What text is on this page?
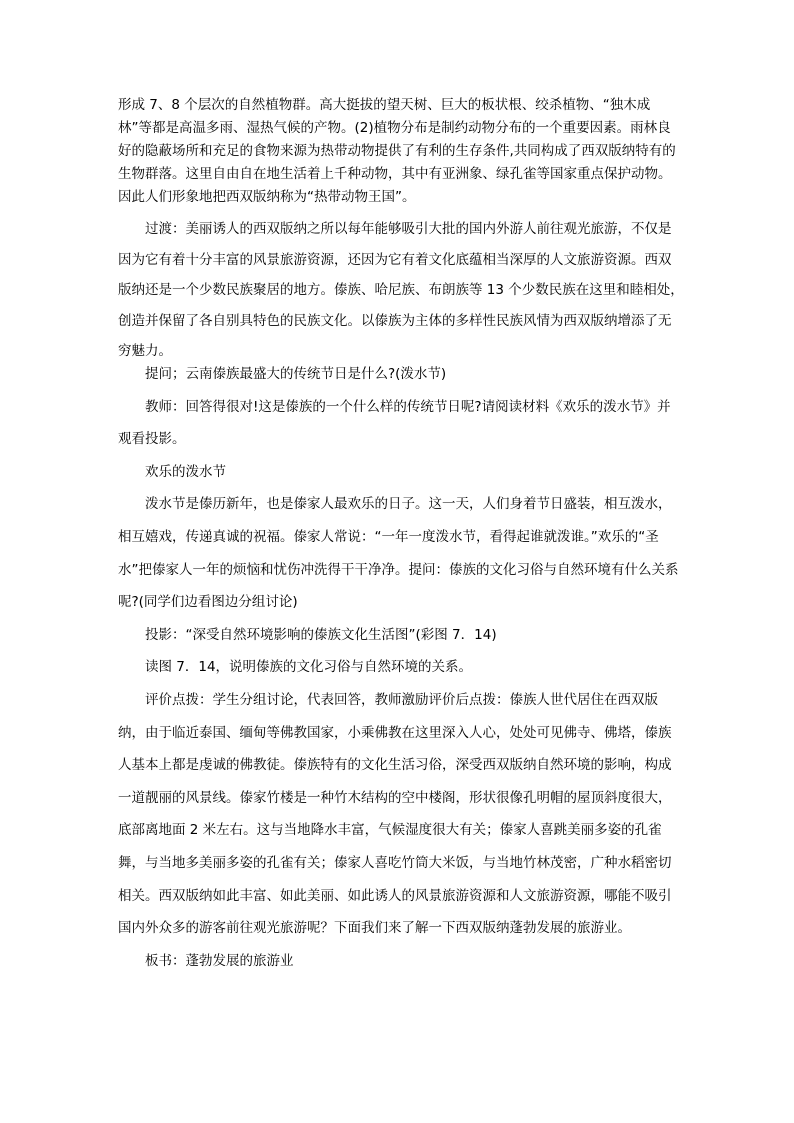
形成 7、8 个层次的自然植物群。高大挺拔的望天树、巨大的板状根、绞杀植物、“独木成林”等都是高温多雨、湿热气候的产物。(2)植物分布是制约动物分布的一个重要因素。雨林良好的隐蔽场所和充足的食物来源为热带动物提供了有利的生存条件,共同构成了西双版纳特有的生物群落。这里自由自在地生活着上千种动物，其中有亚洲象、绿孔雀等国家重点保护动物。因此人们形象地把西双版纳称为“热带动物王国”。

过渡：美丽诱人的西双版纳之所以每年能够吸引大批的国内外游人前往观光旅游，不仅是因为它有着十分丰富的风景旅游资源，还因为它有着文化底蕴相当深厚的人文旅游资源。西双版纳还是一个少数民族聚居的地方。傣族、哈尼族、布朗族等 13 个少数民族在这里和睦相处，创造并保留了各自别具特色的民族文化。以傣族为主体的多样性民族风情为西双版纳增添了无穷魅力。

提问；云南傣族最盛大的传统节日是什么?(泼水节)

教师：回答得很对!这是傣族的一个什么样的传统节日呢?请阅读材料《欢乐的泼水节》并观看投影。

欢乐的泼水节

泼水节是傣历新年，也是傣家人最欢乐的日子。这一天，人们身着节日盛装，相互泼水，相互嬉戏，传递真诚的祝福。傣家人常说：“一年一度泼水节，看得起谁就泼谁。”欢乐的“圣水”把傣家人一年的烦恼和忧伤冲洗得干干净净。提问：傣族的文化习俗与自然环境有什么关系呢?(同学们边看图边分组讨论)

投影：“深受自然环境影响的傣族文化生活图”(彩图 7．14)

读图 7．14，说明傣族的文化习俗与自然环境的关系。

评价点拨：学生分组讨论，代表回答，教师激励评价后点拨：傣族人世代居住在西双版纳，由于临近泰国、缅甸等佛教国家，小乘佛教在这里深入人心，处处可见佛寺、佛塔，傣族人基本上都是虔诚的佛教徒。傣族特有的文化生活习俗，深受西双版纳自然环境的影响，构成一道靓丽的风景线。傣家竹楼是一种竹木结构的空中楼阁，形状很像孔明帽的屋顶斜度很大，底部离地面 2 米左右。这与当地降水丰富，气候湿度很大有关；傣家人喜跳美丽多姿的孔雀舞，与当地多美丽多姿的孔雀有关；傣家人喜吃竹筒大米饭，与当地竹林茂密，广种水稻密切相关。西双版纳如此丰富、如此美丽、如此诱人的风景旅游资源和人文旅游资源，哪能不吸引国内外众多的游客前往观光旅游呢？下面我们来了解一下西双版纳蓬勃发展的旅游业。

板书：蓬勃发展的旅游业
